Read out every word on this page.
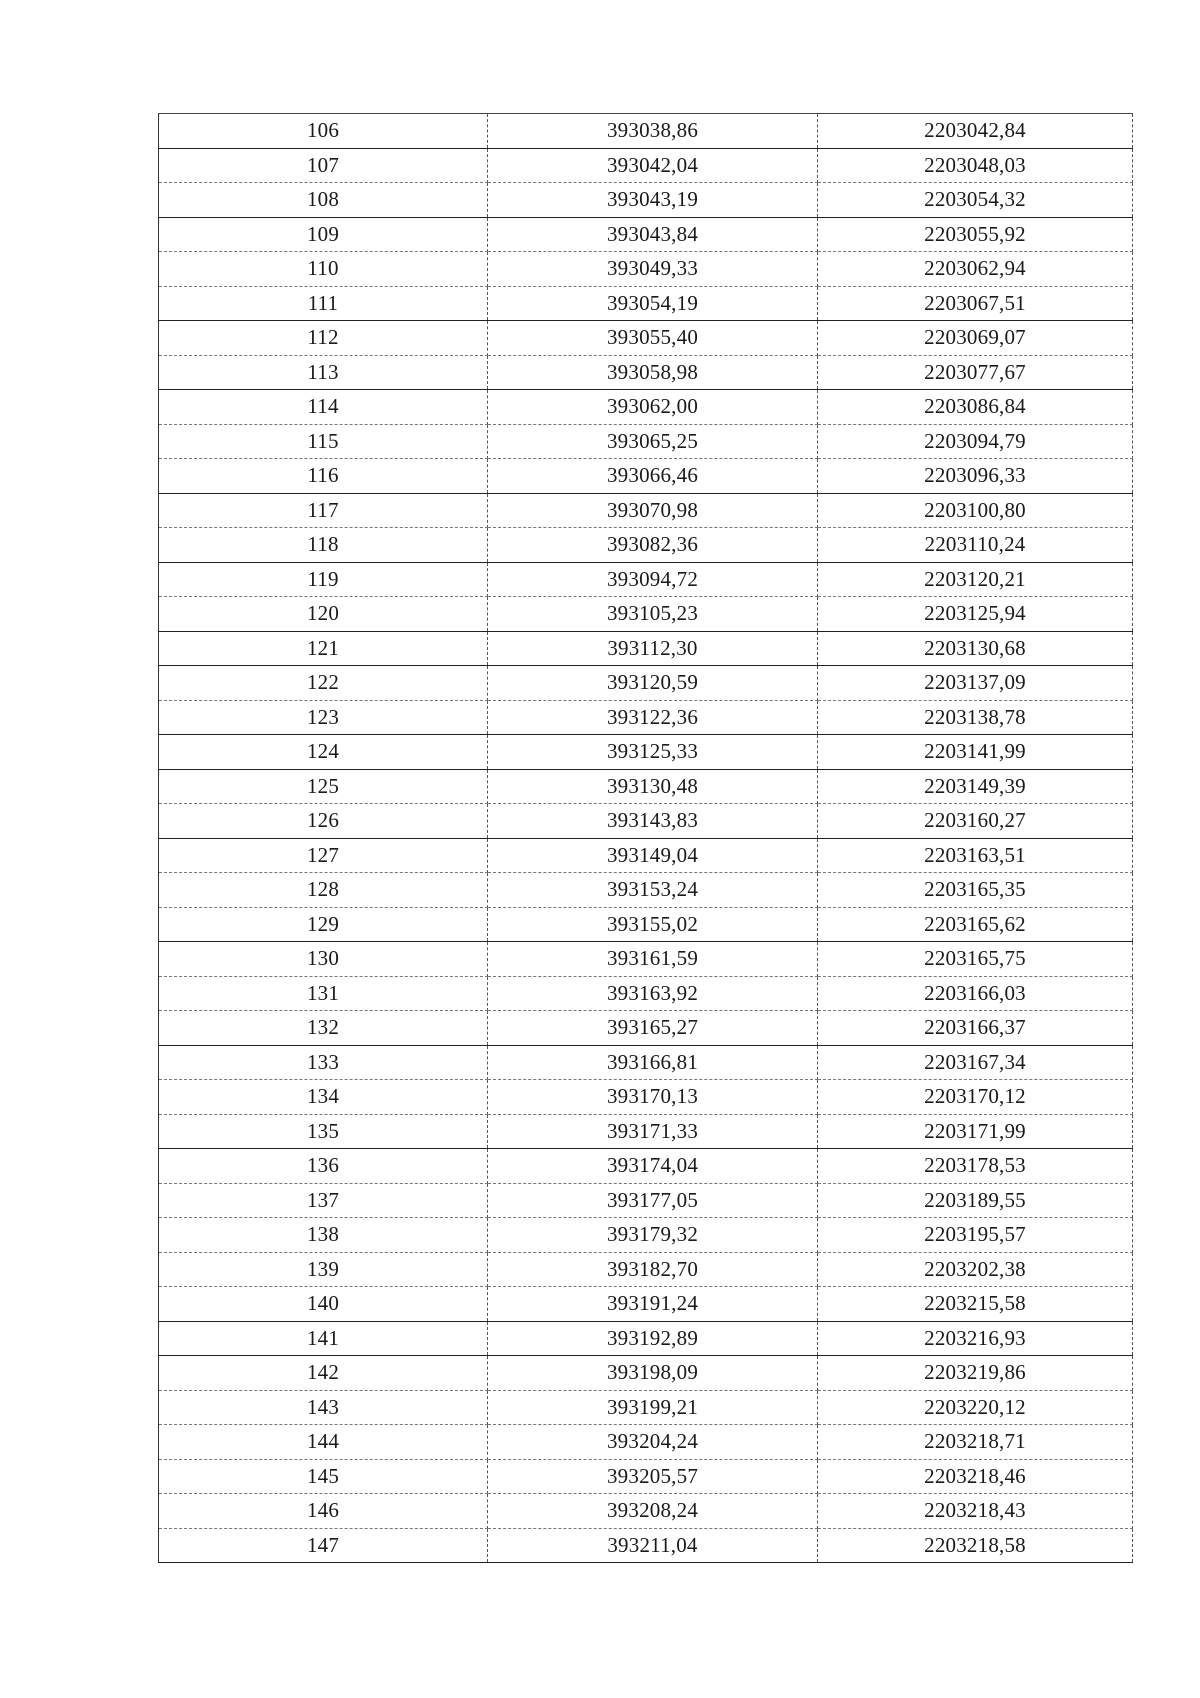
106	393038,86	2203042,84
107	393042,04	2203048,03
108	393043,19	2203054,32
109	393043,84	2203055,92
110	393049,33	2203062,94
111	393054,19	2203067,51
112	393055,40	2203069,07
113	393058,98	2203077,67
114	393062,00	2203086,84
115	393065,25	2203094,79
116	393066,46	2203096,33
117	393070,98	2203100,80
118	393082,36	2203110,24
119	393094,72	2203120,21
120	393105,23	2203125,94
121	393112,30	2203130,68
122	393120,59	2203137,09
123	393122,36	2203138,78
124	393125,33	2203141,99
125	393130,48	2203149,39
126	393143,83	2203160,27
127	393149,04	2203163,51
128	393153,24	2203165,35
129	393155,02	2203165,62
130	393161,59	2203165,75
131	393163,92	2203166,03
132	393165,27	2203166,37
133	393166,81	2203167,34
134	393170,13	2203170,12
135	393171,33	2203171,99
136	393174,04	2203178,53
137	393177,05	2203189,55
138	393179,32	2203195,57
139	393182,70	2203202,38
140	393191,24	2203215,58
141	393192,89	2203216,93
142	393198,09	2203219,86
143	393199,21	2203220,12
144	393204,24	2203218,71
145	393205,57	2203218,46
146	393208,24	2203218,43
147	393211,04	2203218,58
